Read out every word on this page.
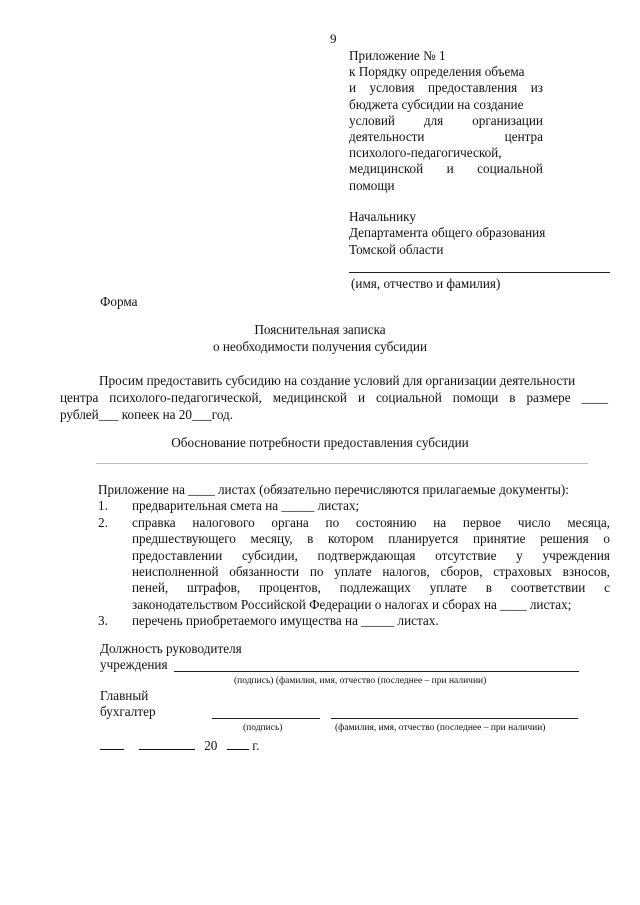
9
Приложение № 1
к Порядку определения объема
и условия предоставления из
бюджета субсидии на создание
условий для организации
деятельности	центра
психолого-педагогической,
медицинской и социальной
помощи
Начальнику
Департамента общего образования
Томской области
(имя, отчество и фамилия)
Форма
Пояснительная записка
о необходимости получения субсидии
Просим предоставить субсидию на создание условий для организации деятельности
центра психолого-педагогической, медицинской и социальной помощи в размере ____
рублей___ копеек на 20___год.
Обоснование потребности предоставления субсидии
Приложение на ____ листах (обязательно перечисляются прилагаемые документы):
1. предварительная смета на _____ листах;
2. справка налогового органа по состоянию на первое число месяца,
предшествующего месяцу, в котором планируется принятие решения о
предоставлении субсидии, подтверждающая отсутствие у учреждения
неисполненной обязанности по уплате налогов, сборов, страховых взносов,
пеней, штрафов, процентов, подлежащих уплате в соответствии с
законодательством Российской Федерации о налогах и сборах на ____ листах;
3. перечень приобретаемого имущества на _____ листах.
Должность руководителя
учреждения
(подпись) (фамилия, имя, отчество (последнее – при наличии)
Главный
бухгалтер
(подпись)	(фамилия, имя, отчество (последнее – при наличии)
20	г.
